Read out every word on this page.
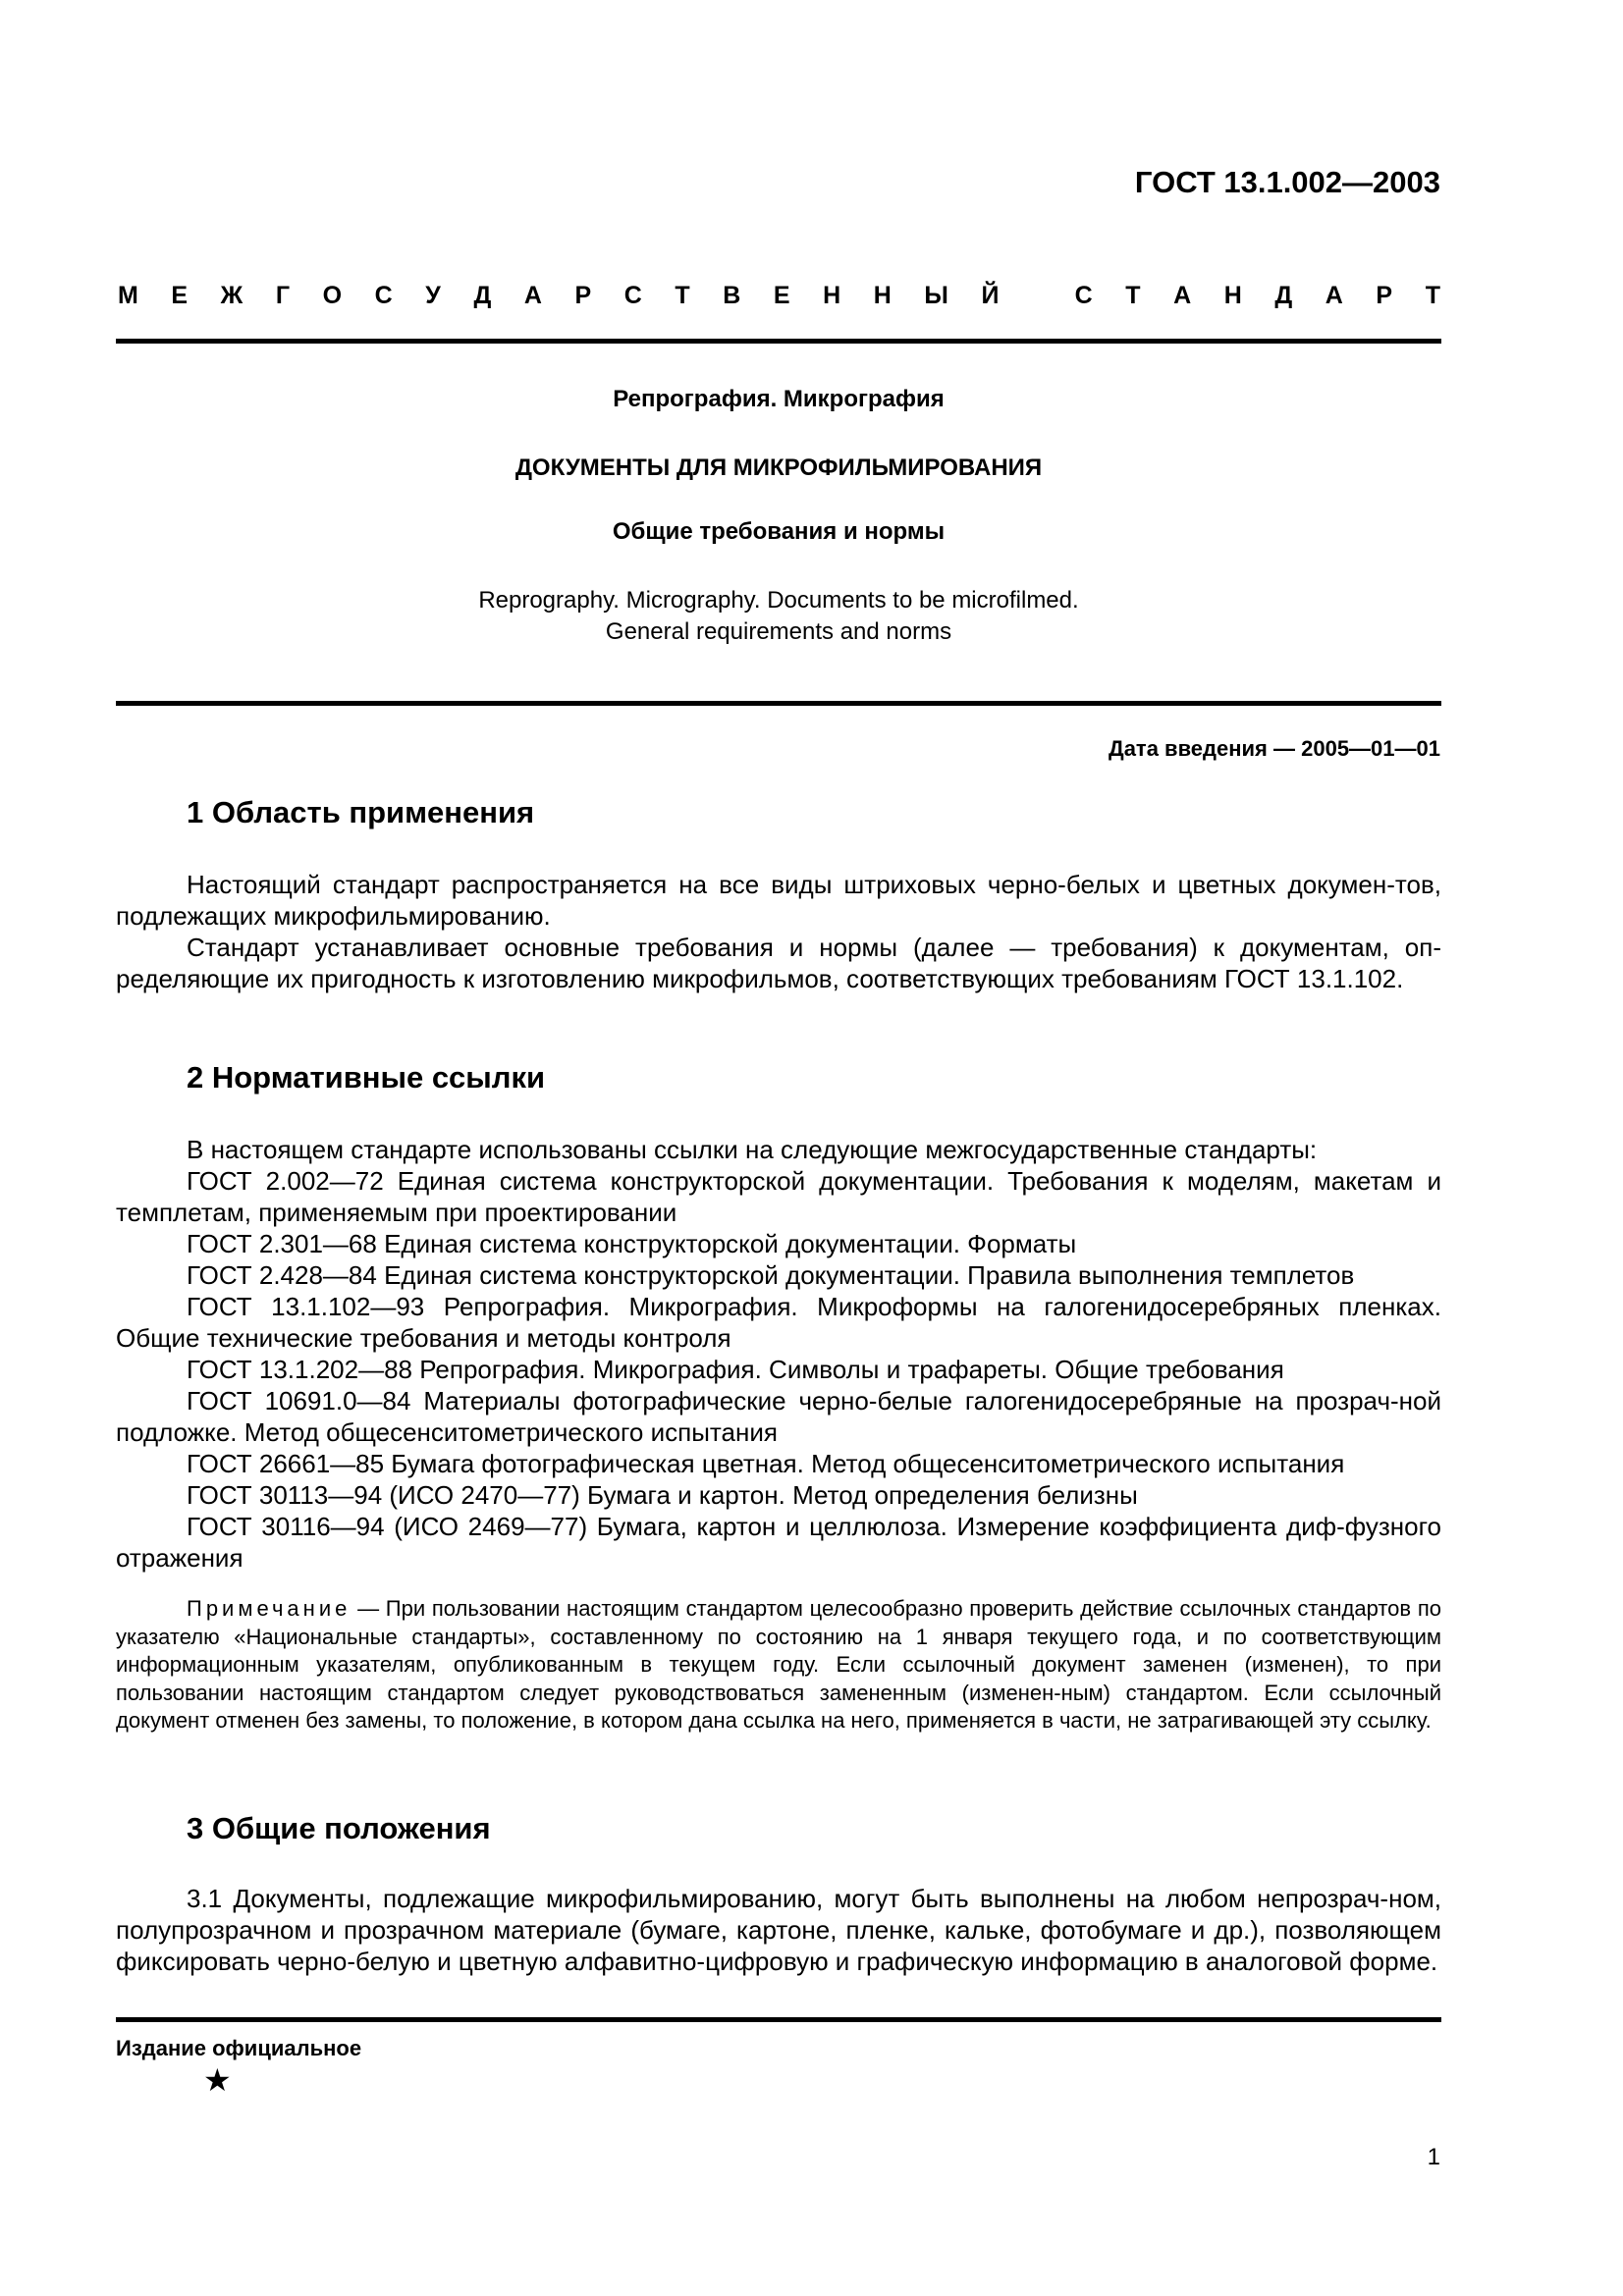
ГОСТ 13.1.002—2003

М Е Ж Г О С У Д А Р С Т В Е Н Н Ы Й	С Т А Н Д А Р Т

Репрография. Микрография

ДОКУМЕНТЫ ДЛЯ МИКРОФИЛЬМИРОВАНИЯ

Общие требования и нормы

Reprography. Micrography. Documents to be microfilmed.
General requirements and norms

Дата введения — 2005—01—01

1 Область применения

Настоящий стандарт распространяется на все виды штриховых черно-белых и цветных докумен-тов, подлежащих микрофильмированию.

Стандарт устанавливает основные требования и нормы (далее — требования) к документам, оп-ределяющие их пригодность к изготовлению микрофильмов, соответствующих требованиям ГОСТ 13.1.102.

2 Нормативные ссылки

В настоящем стандарте использованы ссылки на следующие межгосударственные стандарты:

ГОСТ 2.002—72 Единая система конструкторской документации. Требования к моделям, макетам и темплетам, применяемым при проектировании

ГОСТ 2.301—68 Единая система конструкторской документации. Форматы

ГОСТ 2.428—84 Единая система конструкторской документации. Правила выполнения темплетов

ГОСТ 13.1.102—93 Репрография. Микрография. Микроформы на галогенидосеребряных пленках. Общие технические требования и методы контроля

ГОСТ 13.1.202—88 Репрография. Микрография. Символы и трафареты. Общие требования

ГОСТ 10691.0—84 Материалы фотографические черно-белые галогенидосеребряные на прозрач-ной подложке. Метод общесенситометрического испытания

ГОСТ 26661—85 Бумага фотографическая цветная. Метод общесенситометрического испытания

ГОСТ 30113—94 (ИСО 2470—77) Бумага и картон. Метод определения белизны

ГОСТ 30116—94 (ИСО 2469—77) Бумага, картон и целлюлоза. Измерение коэффициента диф-фузного отражения

Примечание — При пользовании настоящим стандартом целесообразно проверить действие ссылочных стандартов по указателю «Национальные стандарты», составленному по состоянию на 1 января текущего года, и по соответствующим информационным указателям, опубликованным в текущем году. Если ссылочный документ заменен (изменен), то при пользовании настоящим стандартом следует руководствоваться замененным (изменен-ным) стандартом. Если ссылочный документ отменен без замены, то положение, в котором дана ссылка на него, применяется в части, не затрагивающей эту ссылку.

3 Общие положения

3.1 Документы, подлежащие микрофильмированию, могут быть выполнены на любом непрозрач-ном, полупрозрачном и прозрачном материале (бумаге, картоне, пленке, кальке, фотобумаге и др.), позволяющем фиксировать черно-белую и цветную алфавитно-цифровую и графическую информацию в аналоговой форме.

Издание официальное

★

1
